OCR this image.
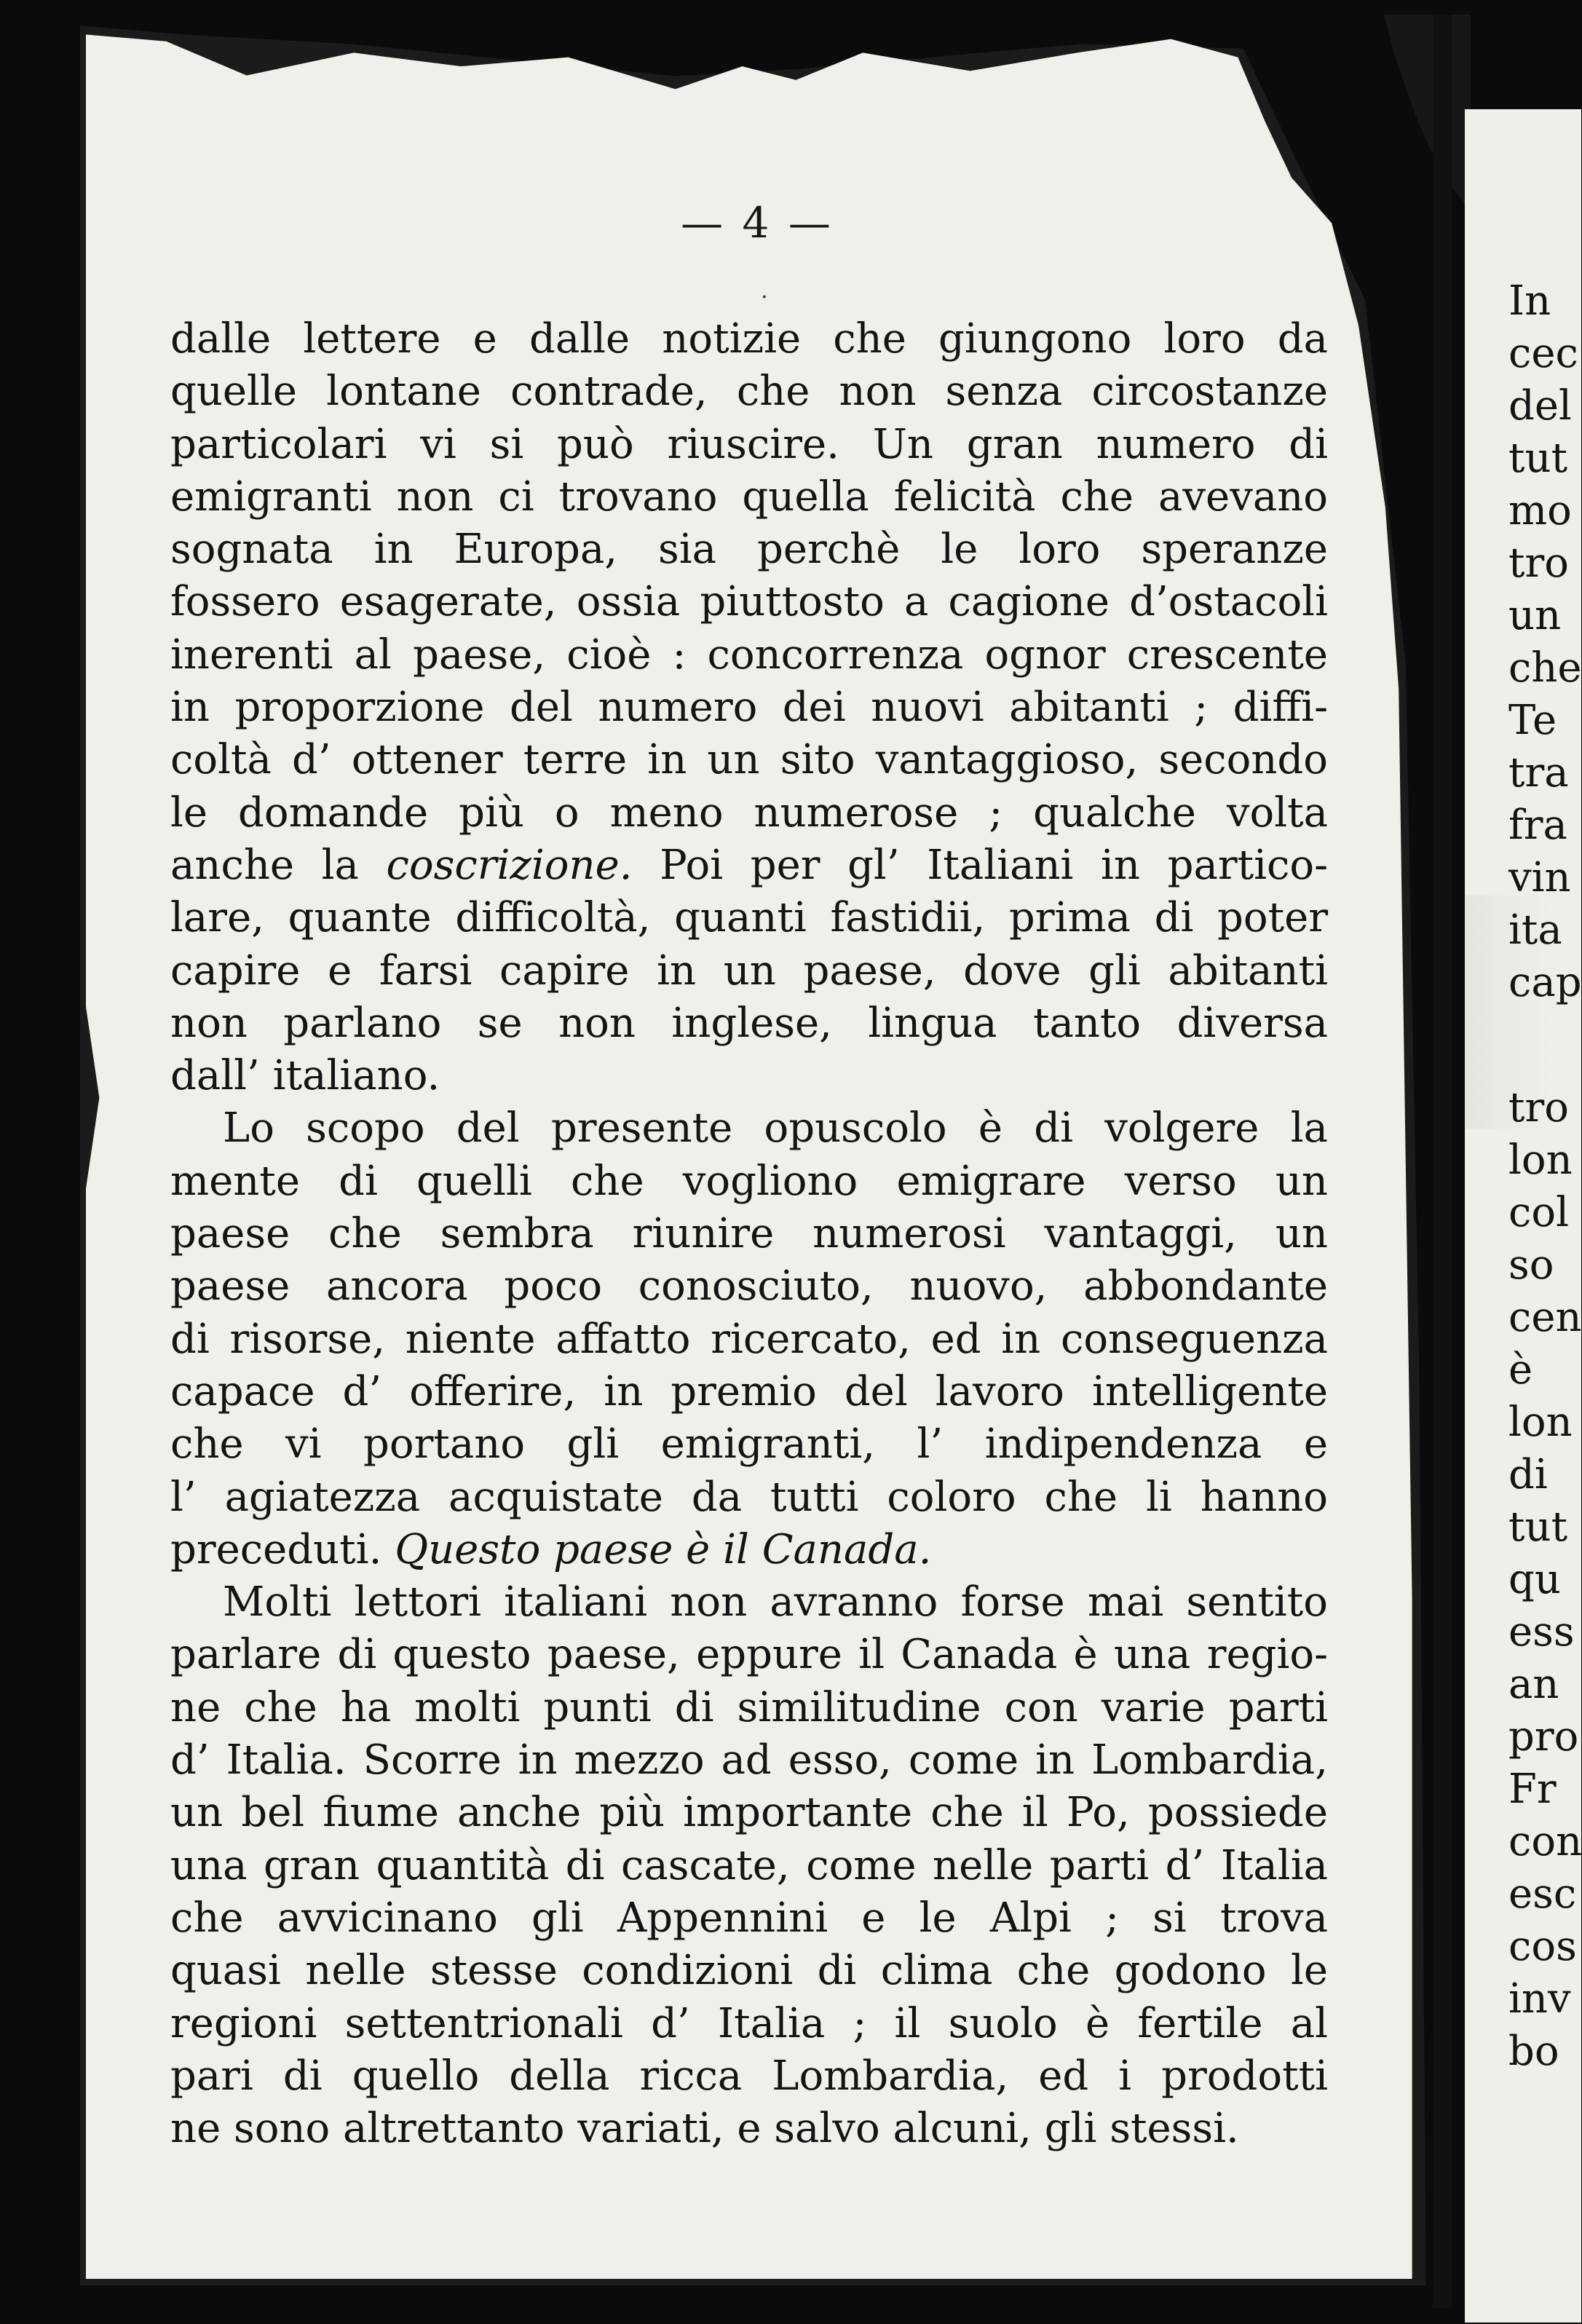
— 4 —
.
dalle lettere e dalle notizie che giungono loro da
quelle lontane contrade, che non senza circostanze
particolari vi si può riuscire. Un gran numero di
emigranti non ci trovano quella felicità che avevano
sognata in Europa, sia perchè le loro speranze
fossero esagerate, ossia piuttosto a cagione d’ostacoli
inerenti al paese, cioè : concorrenza ognor crescente
in proporzione del numero dei nuovi abitanti ; diffi-
coltà d’ ottener terre in un sito vantaggioso, secondo
le domande più o meno numerose ; qualche volta
anche la coscrizione. Poi per gl’ Italiani in partico-
lare, quante difficoltà, quanti fastidii, prima di poter
capire e farsi capire in un paese, dove gli abitanti
non parlano se non inglese, lingua tanto diversa
dall’ italiano.
Lo scopo del presente opuscolo è di volgere la
mente di quelli che vogliono emigrare verso un
paese che sembra riunire numerosi vantaggi, un
paese ancora poco conosciuto, nuovo, abbondante
di risorse, niente affatto ricercato, ed in conseguenza
capace d’ offerire, in premio del lavoro intelligente
che vi portano gli emigranti, l’ indipendenza e
l’ agiatezza acquistate da tutti coloro che li hanno
preceduti. Questo paese è il Canada.
Molti lettori italiani non avranno forse mai sentito
parlare di questo paese, eppure il Canada è una regio-
ne che ha molti punti di similitudine con varie parti
d’ Italia. Scorre in mezzo ad esso, come in Lombardia,
un bel fiume anche più importante che il Po, possiede
una gran quantità di cascate, come nelle parti d’ Italia
che avvicinano gli Appennini e le Alpi ; si trova
quasi nelle stesse condizioni di clima che godono le
regioni settentrionali d’ Italia ; il suolo è fertile al
pari di quello della ricca Lombardia, ed i prodotti
ne sono altrettanto variati, e salvo alcuni, gli stessi.
In
cec
del
tut
mo
tro
un
che
Te
tra
fra
vin
ita
cap
tro
lon
col
so
cen
è
lon
di
tut
qu
ess
an
pro
Fr
con
esc
cos
inv
bo
